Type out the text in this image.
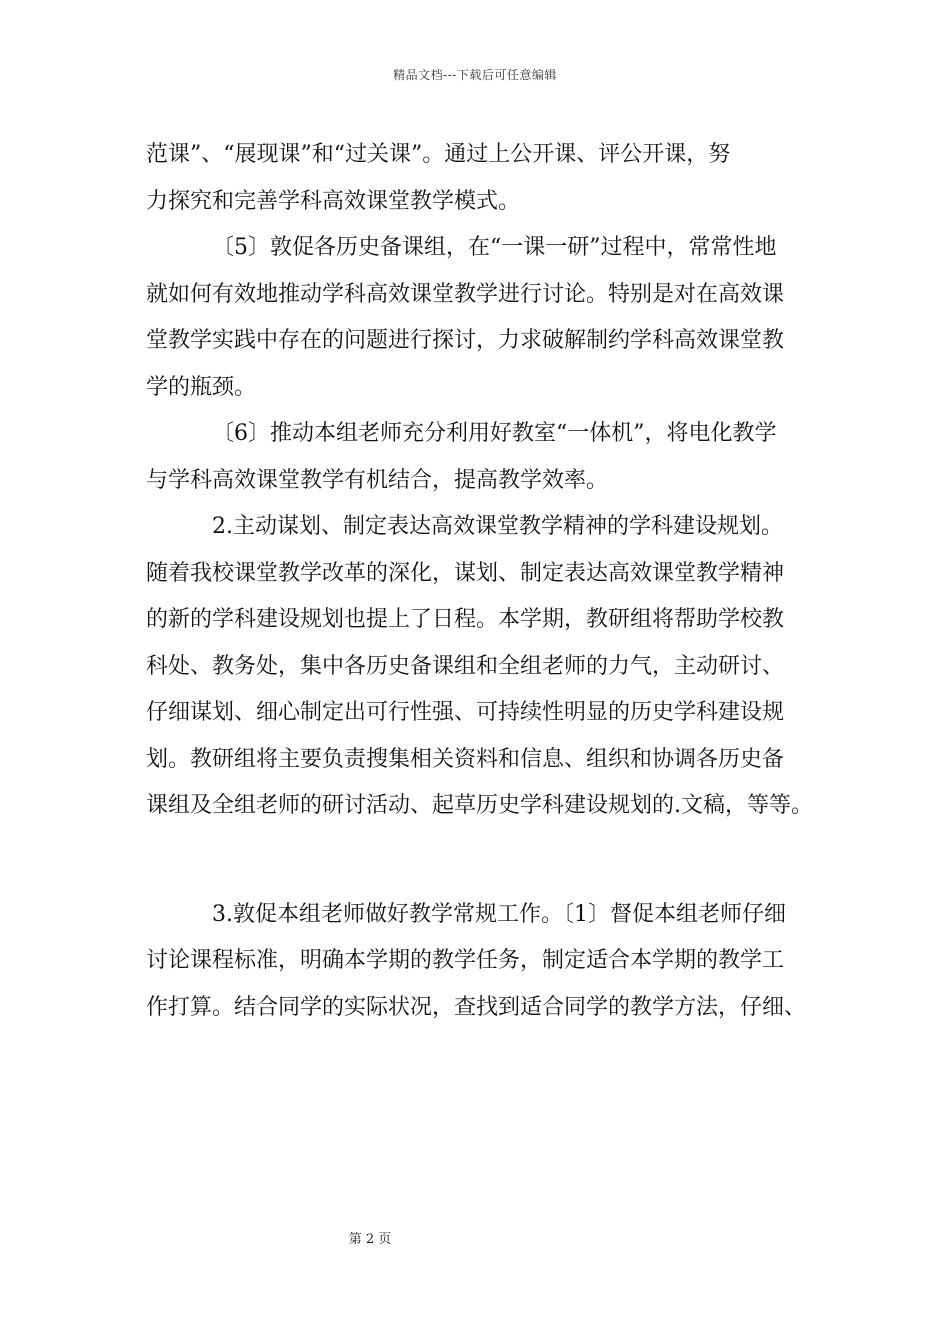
精品文档---下载后可任意编辑
范课”、“展现课”和“过关课”。通过上公开课、评公开课，努
力探究和完善学科高效课堂教学模式。
〔5〕敦促各历史备课组，在“一课一研”过程中，常常性地
就如何有效地推动学科高效课堂教学进行讨论。特别是对在高效课
堂教学实践中存在的问题进行探讨，力求破解制约学科高效课堂教
学的瓶颈。
〔6〕推动本组老师充分利用好教室“一体机”，将电化教学
与学科高效课堂教学有机结合，提高教学效率。
2.主动谋划、制定表达高效课堂教学精神的学科建设规划。
随着我校课堂教学改革的深化，谋划、制定表达高效课堂教学精神
的新的学科建设规划也提上了日程。本学期，教研组将帮助学校教
科处、教务处，集中各历史备课组和全组老师的力气，主动研讨、
仔细谋划、细心制定出可行性强、可持续性明显的历史学科建设规
划。教研组将主要负责搜集相关资料和信息、组织和协调各历史备
课组及全组老师的研讨活动、起草历史学科建设规划的.文稿，等等。
3.敦促本组老师做好教学常规工作。〔1〕督促本组老师仔细
讨论课程标准，明确本学期的教学任务，制定适合本学期的教学工
作打算。结合同学的实际状况，查找到适合同学的教学方法，仔细、
第 2 页
